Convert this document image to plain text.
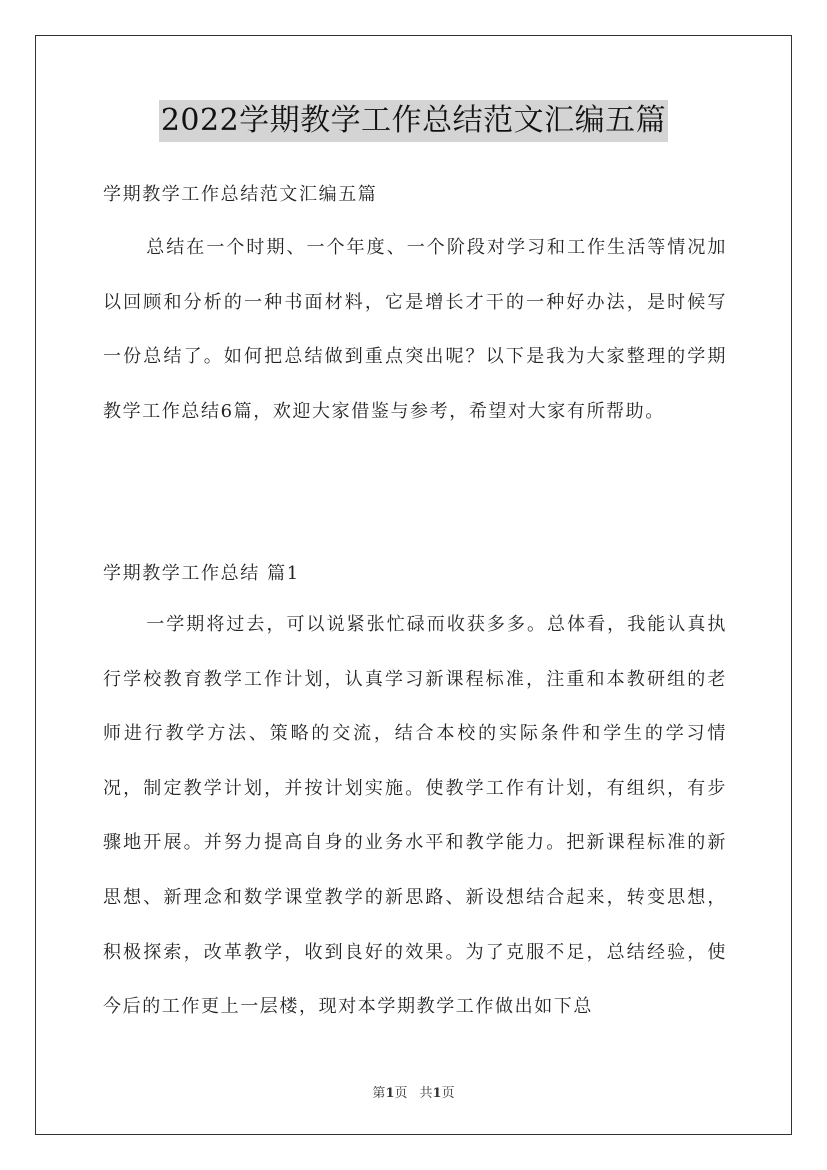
2022学期教学工作总结范文汇编五篇
学期教学工作总结范文汇编五篇

总结在一个时期、一个年度、一个阶段对学习和工作生活等情况加以回顾和分析的一种书面材料，它是增长才干的一种好办法，是时候写一份总结了。如何把总结做到重点突出呢？以下是我为大家整理的学期教学工作总结6篇，欢迎大家借鉴与参考，希望对大家有所帮助。

学期教学工作总结 篇1

一学期将过去，可以说紧张忙碌而收获多多。总体看，我能认真执行学校教育教学工作计划，认真学习新课程标准，注重和本教研组的老师进行教学方法、策略的交流，结合本校的实际条件和学生的学习情况，制定教学计划，并按计划实施。使教学工作有计划，有组织，有步骤地开展。并努力提高自身的业务水平和教学能力。把新课程标准的新思想、新理念和数学课堂教学的新思路、新设想结合起来，转变思想，积极探索，改革教学，收到良好的效果。为了克服不足，总结经验，使今后的工作更上一层楼，现对本学期教学工作做出如下总

第1页 共1页
